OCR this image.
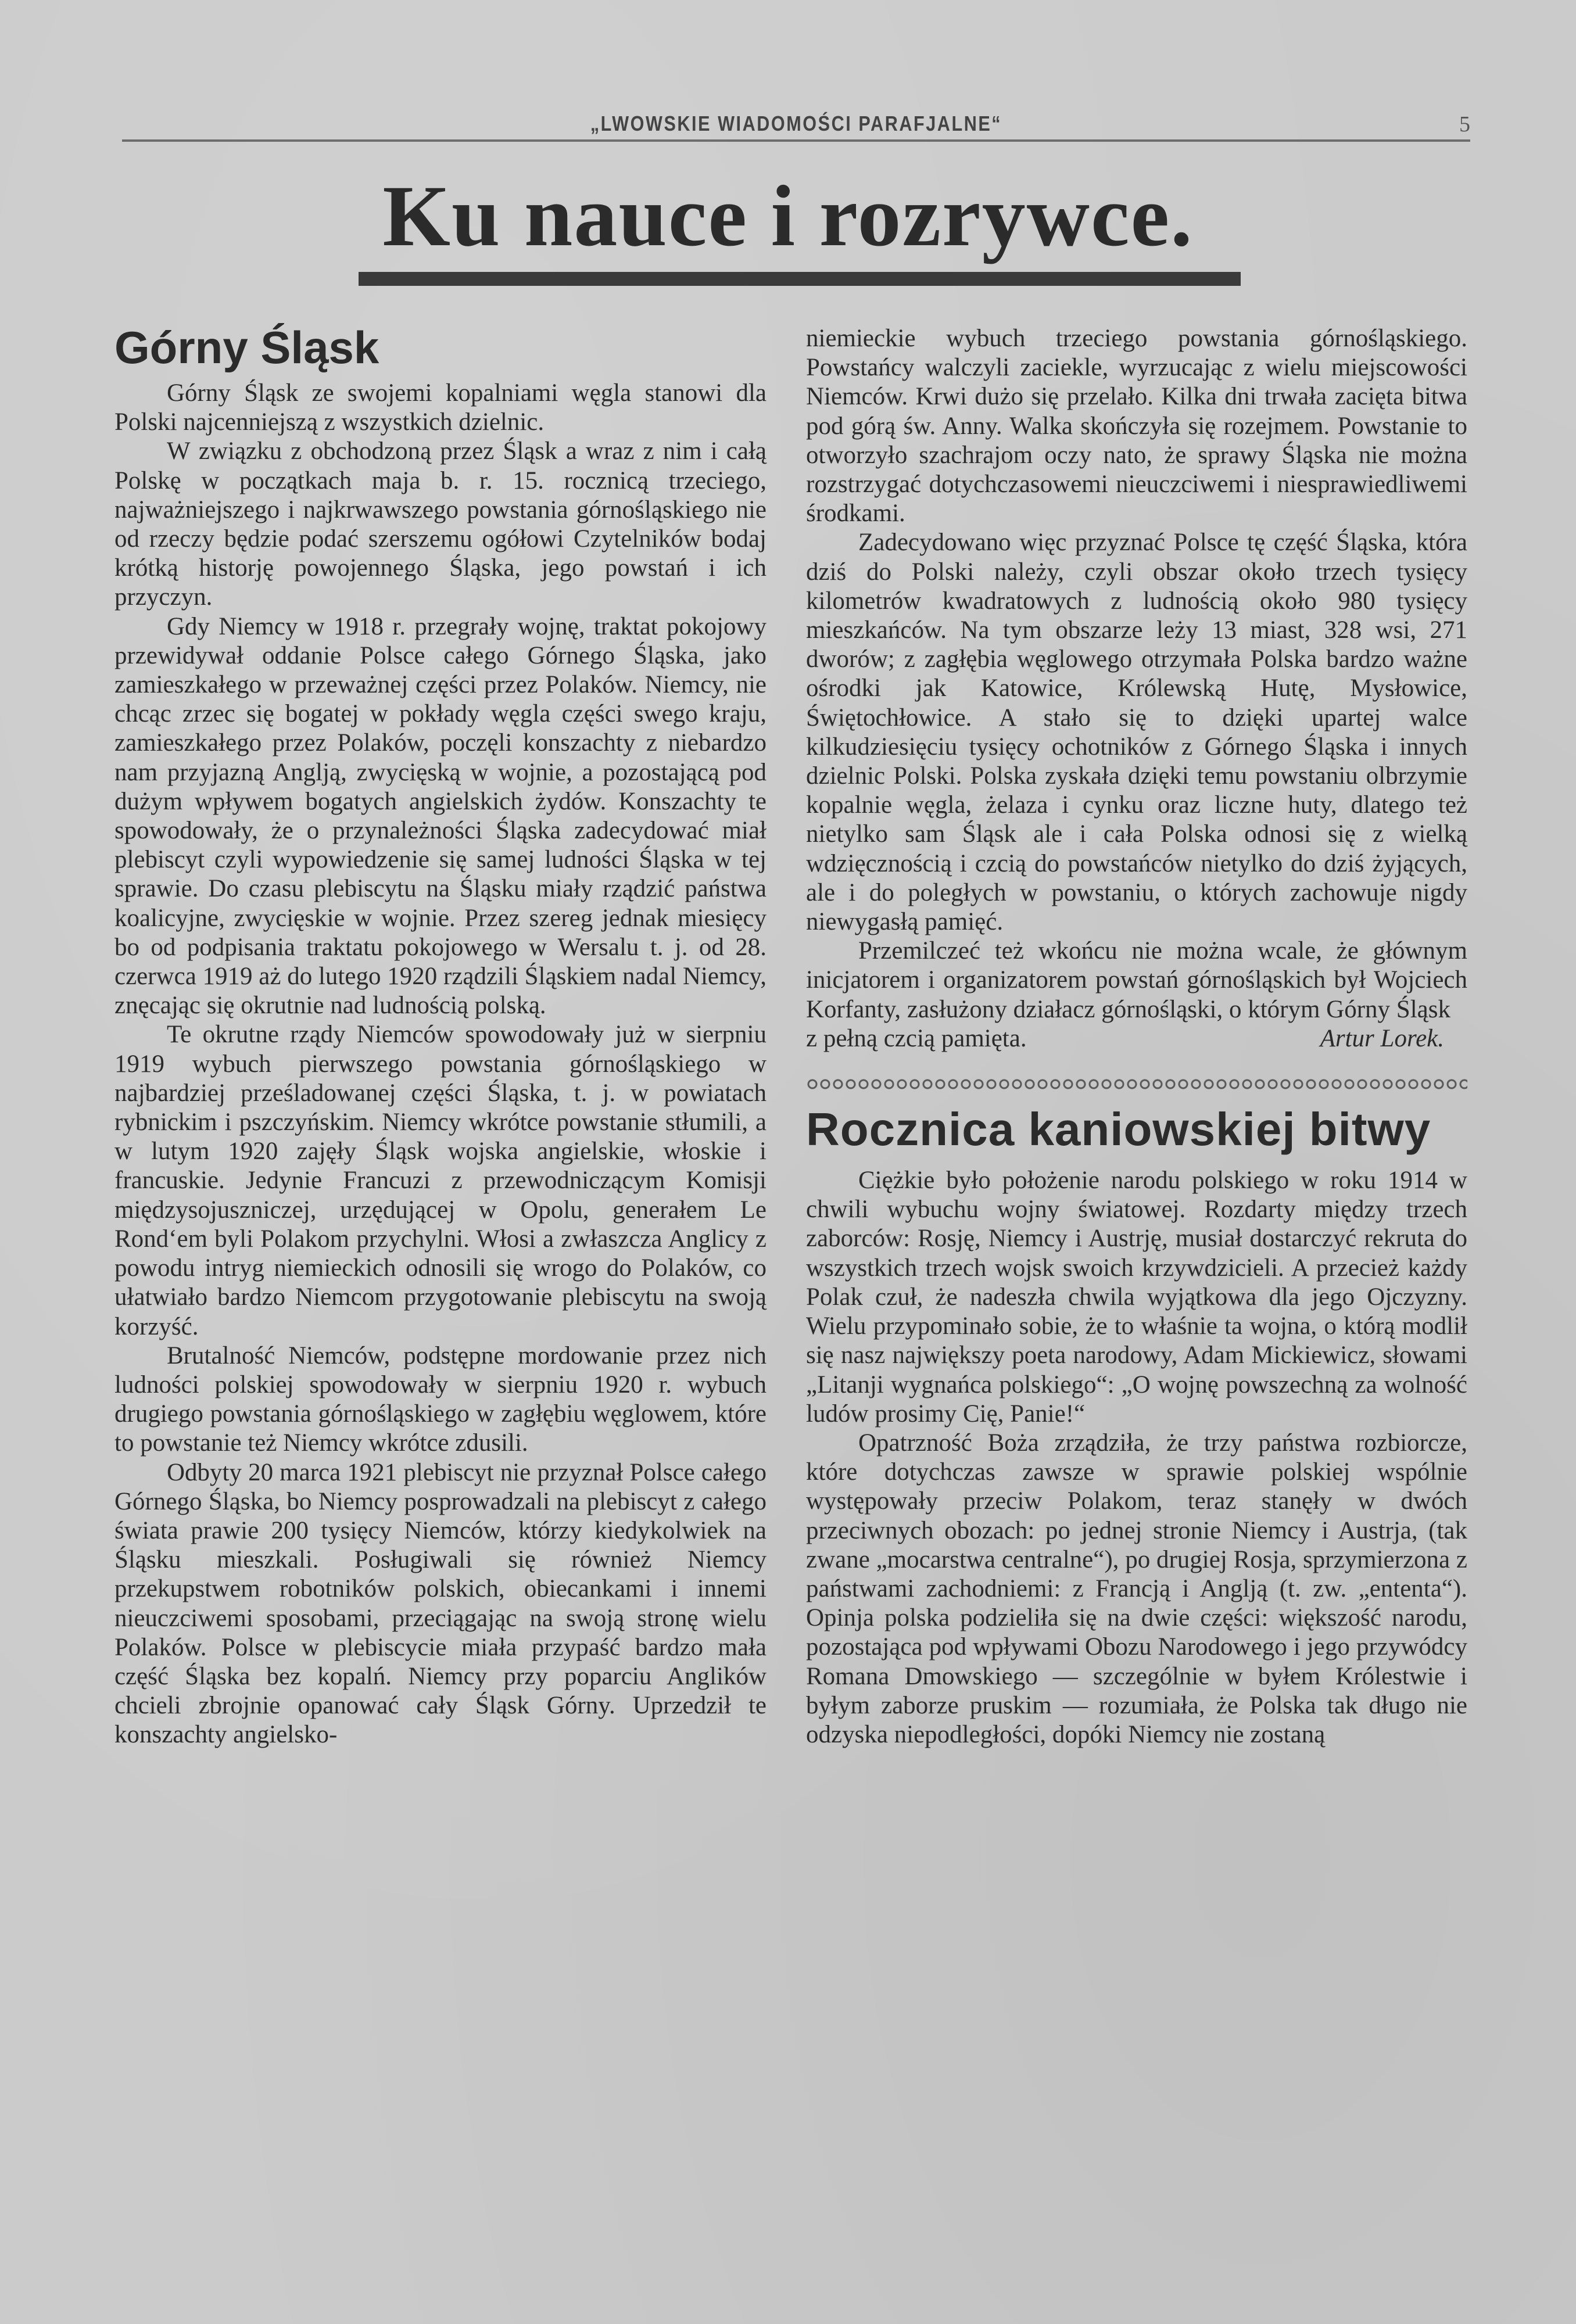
„LWOWSKIE WIADOMOŚCI PARAFJALNE“	5
Ku nauce i rozrywce.
Górny Śląsk

Górny Śląsk ze swojemi kopalniami węgla stanowi dla Polski najcenniejszą z wszystkich dzielnic.

W związku z obchodzoną przez Śląsk a wraz z nim i całą Polskę w początkach maja b. r. 15. rocznicą trzeciego, najważniejszego i najkrwawszego powstania górnośląskiego nie od rzeczy będzie podać szerszemu ogółowi Czytelników bodaj krótką historję powojennego Śląska, jego powstań i ich przyczyn.

Gdy Niemcy w 1918 r. przegrały wojnę, traktat pokojowy przewidywał oddanie Polsce całego Górnego Śląska, jako zamieszkałego w przeważnej części przez Polaków. Niemcy, nie chcąc zrzec się bogatej w pokłady węgla części swego kraju, zamieszkałego przez Polaków, poczęli konszachty z niebardzo nam przyjazną Anglją, zwycięską w wojnie, a pozostającą pod dużym wpływem bogatych angielskich żydów. Konszachty te spowodowały, że o przynależności Śląska zadecydować miał plebiscyt czyli wypowiedzenie się samej ludności Śląska w tej sprawie. Do czasu plebiscytu na Śląsku miały rządzić państwa koalicyjne, zwycięskie w wojnie. Przez szereg jednak miesięcy bo od podpisania traktatu pokojowego w Wersalu t. j. od 28. czerwca 1919 aż do lutego 1920 rządzili Śląskiem nadal Niemcy, znęcając się okrutnie nad ludnością polską.

Te okrutne rządy Niemców spowodowały już w sierpniu 1919 wybuch pierwszego powstania górnośląskiego w najbardziej prześladowanej części Śląska, t. j. w powiatach rybnickim i pszczyńskim. Niemcy wkrótce powstanie stłumili, a w lutym 1920 zajęły Śląsk wojska angielskie, włoskie i francuskie. Jedynie Francuzi z przewodniczącym Komisji międzysojuszniczej, urzędującej w Opolu, generałem Le Rond‘em byli Polakom przychylni. Włosi a zwłaszcza Anglicy z powodu intryg niemieckich odnosili się wrogo do Polaków, co ułatwiało bardzo Niemcom przygotowanie plebiscytu na swoją korzyść.

Brutalność Niemców, podstępne mordowanie przez nich ludności polskiej spowodowały w sierpniu 1920 r. wybuch drugiego powstania górnośląskiego w zagłębiu węglowem, które to powstanie też Niemcy wkrótce zdusili.

Odbyty 20 marca 1921 plebiscyt nie przyznał Polsce całego Górnego Śląska, bo Niemcy posprowadzali na plebiscyt z całego świata prawie 200 tysięcy Niemców, którzy kiedykolwiek na Śląsku mieszkali. Posługiwali się również Niemcy przekupstwem robotników polskich, obiecankami i innemi nieuczciwemi sposobami, przeciągając na swoją stronę wielu Polaków. Polsce w plebiscycie miała przypaść bardzo mała część Śląska bez kopalń. Niemcy przy poparciu Anglików chcieli zbrojnie opanować cały Śląsk Górny. Uprzedził te konszachty angielsko-

niemieckie wybuch trzeciego powstania górnośląskiego. Powstańcy walczyli zaciekle, wyrzucając z wielu miejscowości Niemców. Krwi dużo się przelało. Kilka dni trwała zacięta bitwa pod górą św. Anny. Walka skończyła się rozejmem. Powstanie to otworzyło szachrajom oczy nato, że sprawy Śląska nie można rozstrzygać dotychczasowemi nieuczciwemi i niesprawiedliwemi środkami.

Zadecydowano więc przyznać Polsce tę część Śląska, która dziś do Polski należy, czyli obszar około trzech tysięcy kilometrów kwadratowych z ludnością około 980 tysięcy mieszkańców. Na tym obszarze leży 13 miast, 328 wsi, 271 dworów; z zagłębia węglowego otrzymała Polska bardzo ważne ośrodki jak Katowice, Królewską Hutę, Mysłowice, Świętochłowice. A stało się to dzięki upartej walce kilkudziesięciu tysięcy ochotników z Górnego Śląska i innych dzielnic Polski. Polska zyskała dzięki temu powstaniu olbrzymie kopalnie węgla, żelaza i cynku oraz liczne huty, dlatego też nietylko sam Śląsk ale i cała Polska odnosi się z wielką wdzięcznością i czcią do powstańców nietylko do dziś żyjących, ale i do poległych w powstaniu, o których zachowuje nigdy niewygasłą pamięć.

Przemilczeć też wkońcu nie można wcale, że głównym inicjatorem i organizatorem powstań górnośląskich był Wojciech Korfanty, zasłużony działacz górnośląski, o którym Górny Śląsk

z pełną czcią pamięta.	Artur Lorek.
Rocznica kaniowskiej bitwy

Ciężkie było położenie narodu polskiego w roku 1914 w chwili wybuchu wojny światowej. Rozdarty między trzech zaborców: Rosję, Niemcy i Austrję, musiał dostarczyć rekruta do wszystkich trzech wojsk swoich krzywdzicieli. A przecież każdy Polak czuł, że nadeszła chwila wyjątkowa dla jego Ojczyzny. Wielu przypominało sobie, że to właśnie ta wojna, o którą modlił się nasz największy poeta narodowy, Adam Mickiewicz, słowami „Litanji wygnańca polskiego“: „O wojnę powszechną za wolność ludów prosimy Cię, Panie!“

Opatrzność Boża zrządziła, że trzy państwa rozbiorcze, które dotychczas zawsze w sprawie polskiej wspólnie występowały przeciw Polakom, teraz stanęły w dwóch przeciwnych obozach: po jednej stronie Niemcy i Austrja, (tak zwane „mocarstwa centralne“), po drugiej Rosja, sprzymierzona z państwami zachodniemi: z Francją i Anglją (t. zw. „ententa“). Opinja polska podzieliła się na dwie części: większość narodu, pozostająca pod wpływami Obozu Narodowego i jego przywódcy Romana Dmowskiego — szczególnie w byłem Królestwie i byłym zaborze pruskim — rozumiała, że Polska tak długo nie odzyska niepodległości, dopóki Niemcy nie zostaną
